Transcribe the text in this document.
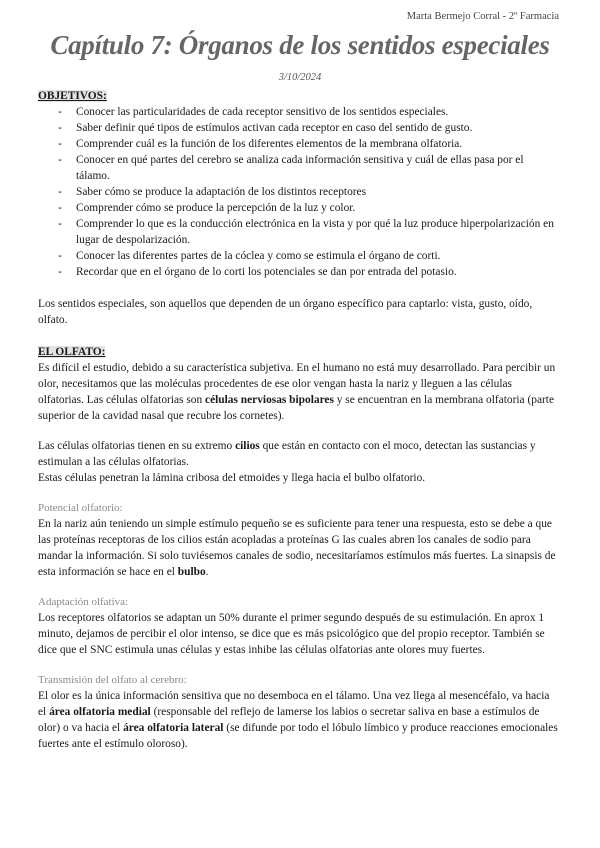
Marta Bermejo Corral - 2º Farmacia
Capítulo 7: Órganos de los sentidos especiales
3/10/2024

OBJETIVOS:

- Conocer las particularidades de cada receptor sensitivo de los sentidos especiales.
- Saber definir qué tipos de estímulos activan cada receptor en caso del sentido de gusto.
- Comprender cuál es la función de los diferentes elementos de la membrana olfatoria.
- Conocer en qué partes del cerebro se analiza cada información sensitiva y cuál de ellas pasa por el tálamo.
- Saber cómo se produce la adaptación de los distintos receptores
- Comprender cómo se produce la percepción de la luz y color.
- Comprender lo que es la conducción electrónica en la vista y por qué la luz produce hiperpolarización en lugar de despolarización.
- Conocer las diferentes partes de la cóclea y como se estimula el órgano de corti.
- Recordar que en el órgano de lo corti los potenciales se dan por entrada del potasio.

Los sentidos especiales, son aquellos que dependen de un órgano específico para captarlo: vista, gusto, oído, olfato.

EL OLFATO:

Es difícil el estudio, debido a su característica subjetiva. En el humano no está muy desarrollado. Para percibir un olor, necesitamos que las moléculas procedentes de ese olor vengan hasta la nariz y lleguen a las células olfatorias. Las células olfatorias son células nerviosas bipolares y se encuentran en la membrana olfatoria (parte superior de la cavidad nasal que recubre los cornetes).

Las células olfatorias tienen en su extremo cilios que están en contacto con el moco, detectan las sustancias y estimulan a las células olfatorias.

Estas células penetran la lámina cribosa del etmoides y llega hacia el bulbo olfatorio.

Potencial olfatorio:

En la nariz aún teniendo un simple estímulo pequeño se es suficiente para tener una respuesta, esto se debe a que las proteínas receptoras de los cilios están acopladas a proteínas G las cuales abren los canales de sodio para mandar la información. Si solo tuviésemos canales de sodio, necesitaríamos estímulos más fuertes. La sinapsis de esta información se hace en el bulbo.

Adaptación olfativa:

Los receptores olfatorios se adaptan un 50% durante el primer segundo después de su estimulación. En aprox 1 minuto, dejamos de percibir el olor intenso, se dice que es más psicológico que del propio receptor. También se dice que el SNC estimula unas células y estas inhibe las células olfatorias ante olores muy fuertes.

Transmisión del olfato al cerebro:

El olor es la única información sensitiva que no desemboca en el tálamo. Una vez llega al mesencéfalo, va hacia el área olfatoria medial (responsable del reflejo de lamerse los labios o secretar saliva en base a estímulos de olor) o va hacia el área olfatoria lateral (se difunde por todo el lóbulo límbico y produce reacciones emocionales fuertes ante el estímulo oloroso).
